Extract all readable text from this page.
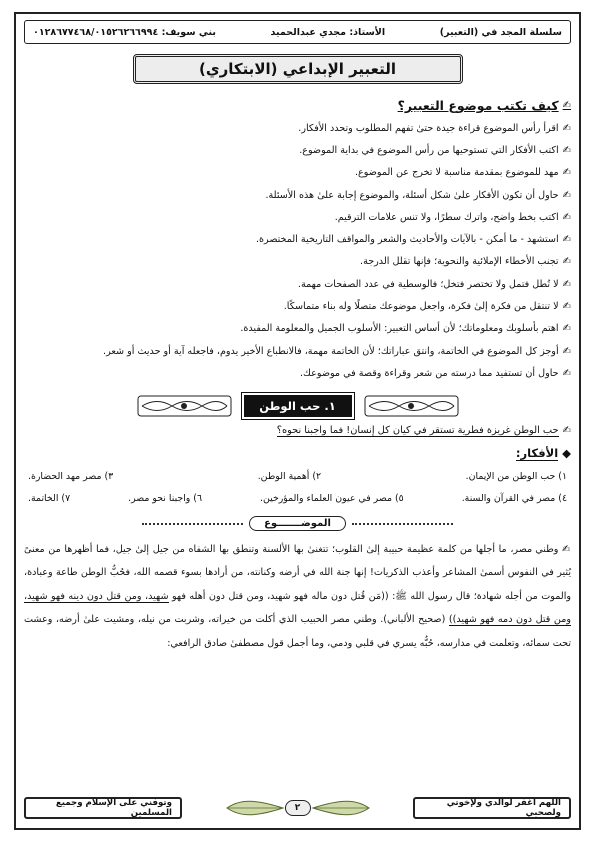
سلسلة المجد في (التعبير)
الأستاذ: مجدي عبدالحميد
بني سويف: ٠١٢٨٦٧٧٤٦٨/٠١٥٢٦٢٦٦٩٩٤
التعبير الإبداعي (الابتكاري)
✍
كيف تكتب موضوع التعبير؟
✍
اقرأ رأس الموضوع قراءة جيدة حتىٰ تفهم المطلوب وتحدد الأفكار.
✍
اكتب الأفكار التي تستوحيها من رأس الموضوع في بداية الموضوع.
✍
مهد للموضوع بمقدمة مناسبة لا تخرج عن الموضوع.
✍
حاول أن تكون الأفكار علىٰ شكل أسئلة، والموضوع إجابة علىٰ هذه الأسئلة.
✍
اكتب بخط واضح، واترك سطرًا، ولا تنس علامات الترقيم.
✍
استشهد - ما أمكن - بالآيات والأحاديث والشعر والمواقف التاريخية المختصرة.
✍
تجنب الأخطاء الإملائية والنحوية؛ فإنها تقلل الدرجة.
✍
لا تُطل فتمل ولا تختصر فتخل؛ فالوسطية في عدد الصفحات مهمة.
✍
لا تنتقل من فكرة إلىٰ فكرة، واجعل موضوعك متصلًا وله بناء متماسكًا.
✍
اهتم بأسلوبك ومعلوماتك؛ لأن أساس التعبير: الأسلوب الجميل والمعلومة المفيدة.
✍
أوجز كل الموضوع في الخاتمة، وانتق عباراتك؛ لأن الخاتمة مهمة، فالانطباع الأخير يدوم، فاجعله آية أو حديث أو شعر.
✍
حاول أن تستفيد مما درسته من شعر وقراءة وقصة في موضوعك.
١. حب الوطن
✍
حب الوطن غريزة فطرية تستقر في كيان كل إنسان! فما واجبنا نحوه؟
◆
الأفكار:
١) حب الوطن من الإيمان.
٢) أهمية الوطن.
٣) مصر مهد الحضارة.
٤) مصر في القرآن والسنة.
٥) مصر في عيون العلماء والمؤرخين.
٦) واجبنا نحو مصر.
٧) الخاتمة.
الموضـــــــوع
✍ وطني مصر، ما أجلها من كلمة عظيمة حبيبة إلىٰ القلوب؛ تتغنىٰ بها الألسنة وتنطق بها الشفاه من جيل إلىٰ جيل، فما أظهرها من معنىً يُثير في النفوس أسمىٰ المشاعر وأعذب الذكريات! إنها جنة الله في أرضه وكنانته، من أرادها بسوء قصمه الله، فحُبُّ الوطن طاعة وعبادة، والموت من أجله شهادة؛ قال رسول الله ﷺ: ((مَن قُتل دون ماله فهو شهيد، ومن قتل دون أهله فهو شهيد، ومن قتل دون دينه فهو شهيد، ومن قتل دون دمه فهو شهيد)) (صحيح الألباني). وطني مصر الحبيب الذي أكلت من خيراته، وشربت من نيله، ومشيت علىٰ أرضه، وعشت تحت سمائه، وتعلمت في مدارسه، حُبُّه يسري في قلبي ودمي، وما أجمل قول مصطفىٰ صادق الرافعي:
اللهم اغفر لوالدي ولإخوتي ولصحبي
٢
وتوفني على الإسلام وجميع المسلمين
